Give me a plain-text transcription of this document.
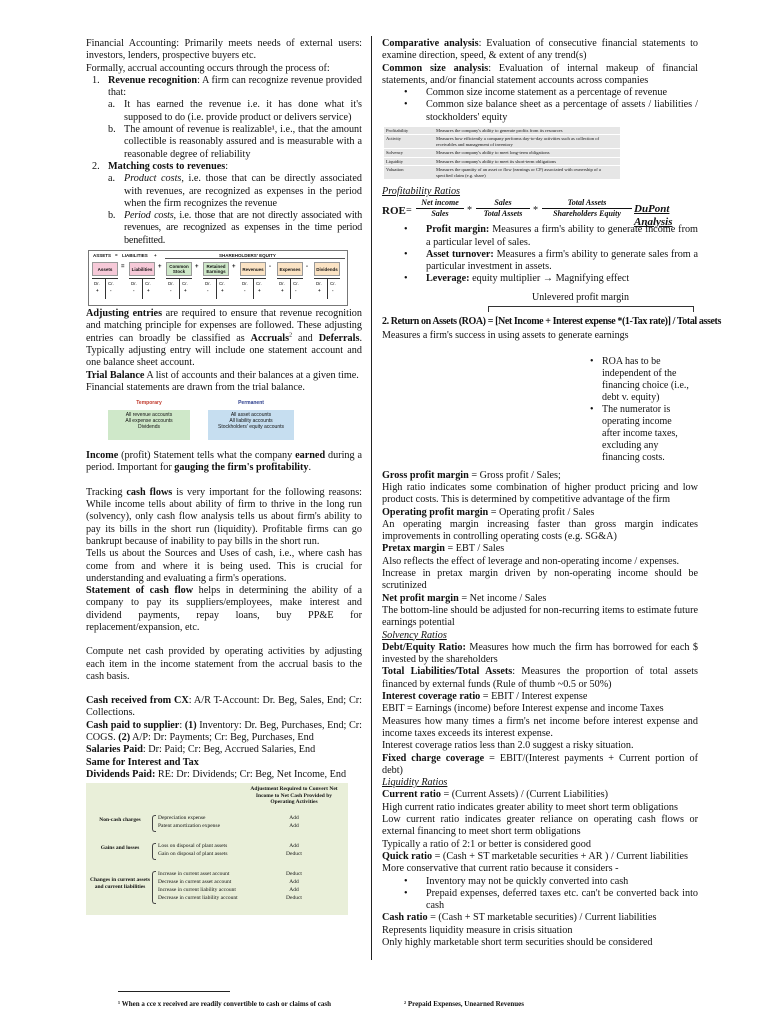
Financial Accounting: Primarily meets needs of external users: investors, lenders, prospective buyers etc.

Formally, accrual accounting occurs through the process of:

1. Revenue recognition: A firm can recognize revenue provided that:
a. It has earned the revenue i.e. it has done what it's supposed to do (i.e. provide product or delivers service)
b. The amount of revenue is realizable¹, i.e., that the amount collectible is reasonably assured and is measurable with a reasonable degree of reliability
2. Matching costs to revenues:
a. Product costs, i.e. those that can be directly associated with revenues, are recognized as expenses in the period when the firm recognizes the revenue
b. Period costs, i.e. those that are not directly associated with revenues, are recognized as expenses in the time period benefitted.
ASSETS = LIABILITIES +	SHAREHOLDERS' EQUITY
Assets
Dr. Cr.
+	-
=	Liabilities
Dr. Cr.
-	+
+	Common Stock
Dr. Cr.
-	+
+	Retained Earnings
Dr. Cr.
-	+
+	Revenues
Dr. Cr.
-	+
-	Expenses
Dr. Cr.
+	-
-	Dividends
Dr. Cr.
+	-

Adjusting entries are required to ensure that revenue recognition and matching principle for expenses are followed. These adjusting entries can broadly be classified as Accruals$^2$ and Deferrals. Typically adjusting entry will include one statement account and one balance sheet account.

Trial Balance A list of accounts and their balances at a given time.

Financial statements are drawn from the trial balance.

Temporary
All revenue accounts
All expense accounts
Dividends
Permanent
All asset accounts
All liability accounts
Stockholders' equity accounts

Income (profit) Statement tells what the company earned during a period. Important for gauging the firm's profitability.

Tracking cash flows is very important for the following reasons: While income tells about ability of firm to thrive in the long run (solvency), only cash flow analysis tells us about firm's ability to pay its bills in the short run (liquidity). Profitable firms can go bankrupt because of inability to pay bills in the short run.

Tells us about the Sources and Uses of cash, i.e., where cash has come from and where it is being used. This is crucial for understanding and evaluating a firm's operations.

Statement of cash flow helps in determining the ability of a company to pay its suppliers/employees, make interest and dividend payments, repay loans, buy PP&E for replacement/expansion, etc.

Compute net cash provided by operating activities by adjusting each item in the income statement from the accrual basis to the cash basis.

Cash received from CX: A/R T-Account: Dr. Beg, Sales, End; Cr: Collections.

Cash paid to supplier: (1) Inventory: Dr. Beg, Purchases, End; Cr: COGS. (2) A/P: Dr: Payments; Cr: Beg, Purchases, End

Salaries Paid: Dr: Paid; Cr: Beg, Accrued Salaries, End

Same for Interest and Tax

Dividends Paid: RE: Dr: Dividends; Cr: Beg, Net Income, End

Adjustment Required to Convert Net Income to Net Cash Provided by Operating Activities
Non-cash charges	Depreciation expense	Add
Patent amortization expense	Add
Gains and losses	Loss on disposal of plant assets	Add
Gain on disposal of plant assets	Deduct
Changes in current assets and current liabilities
Increase in current asset account	Deduct
Decrease in current asset account	Add
Increase in current liability account	Add
Decrease in current liability account	Deduct

Comparative analysis: Evaluation of consecutive financial statements to examine direction, speed, & extent of any trend(s)

Common size analysis: Evaluation of internal makeup of financial statements, and/or financial statement accounts across companies

• Common size income statement as a percentage of revenue
• Common size balance sheet as a percentage of assets / liabilities / stockholders' equity
Profitability	Measures the company's ability to generate profits from its resources
Activity	Measures how efficiently a company performs day-to-day activities such as collection of receivables and management of inventory
Solvency	Measures the company's ability to meet long-term obligations
Liquidity	Measures the company's ability to meet its short-term obligations
Valuation	Measures the quantity of an asset or flow (earnings or CF) associated with ownership of a specified claim (e.g. share)

Profitability Ratios

ROE =
Net income
Sales	*
Sales
Total Assets	*
Total Assets
Shareholders Equity	DuPont Analysis
• Profit margin: Measures a firm's ability to generate income from a particular level of sales.
• Asset turnover: Measures a firm's ability to generate sales from a particular investment in assets.
• Leverage: equity multiplier → Magnifying effect
Unlevered profit margin
2. Return on Assets (ROA) = [Net Income + Interest expense *(1-Tax rate)] / Total assets
Measures a firm's success in using assets to generate earnings
• ROA has to be independent of the financing choice (i.e., debt v. equity)
• The numerator is operating income after income taxes, excluding any financing costs.

Gross profit margin = Gross profit / Sales;

High ratio indicates some combination of higher product pricing and low product costs. This is determined by competitive advantage of the firm

Operating profit margin = Operating profit / Sales

An operating margin increasing faster than gross margin indicates improvements in controlling operating costs (e.g. SG&A)

Pretax margin = EBT / Sales

Also reflects the effect of leverage and non-operating income / expenses.

Increase in pretax margin driven by non-operating income should be scrutinized

Net profit margin = Net income / Sales

The bottom-line should be adjusted for non-recurring items to estimate future earnings potential

Solvency Ratios

Debt/Equity Ratio: Measures how much the firm has borrowed for each $ invested by the shareholders

Total Liabilities/Total Assets: Measures the proportion of total assets financed by external funds (Rule of thumb ~0.5 or 50%)

Interest coverage ratio = EBIT / Interest expense

EBIT = Earnings (income) before Interest expense and income Taxes

Measures how many times a firm's net income before interest expense and income taxes exceeds its interest expense.

Interest coverage ratios less than 2.0 suggest a risky situation.

Fixed charge coverage = EBIT/(Interest payments + Current portion of debt)

Liquidity Ratios

Current ratio = (Current Assets) / (Current Liabilities)

High current ratio indicates greater ability to meet short term obligations

Low current ratio indicates greater reliance on operating cash flows or external financing to meet short term obligations

Typically a ratio of 2:1 or better is considered good

Quick ratio = (Cash + ST marketable securities + AR ) / Current liabilities

More conservative that current ratio because it considers -

• Inventory may not be quickly converted into cash
• Prepaid expenses, deferred taxes etc. can't be converted back into cash

Cash ratio = (Cash + ST marketable securities) / Current liabilities

Represents liquidity measure in crisis situation

Only highly marketable short term securities should be considered

¹ When a cce x received are readily convertible to cash or claims of cash	² Prepaid Expenses, Unearned Revenues
